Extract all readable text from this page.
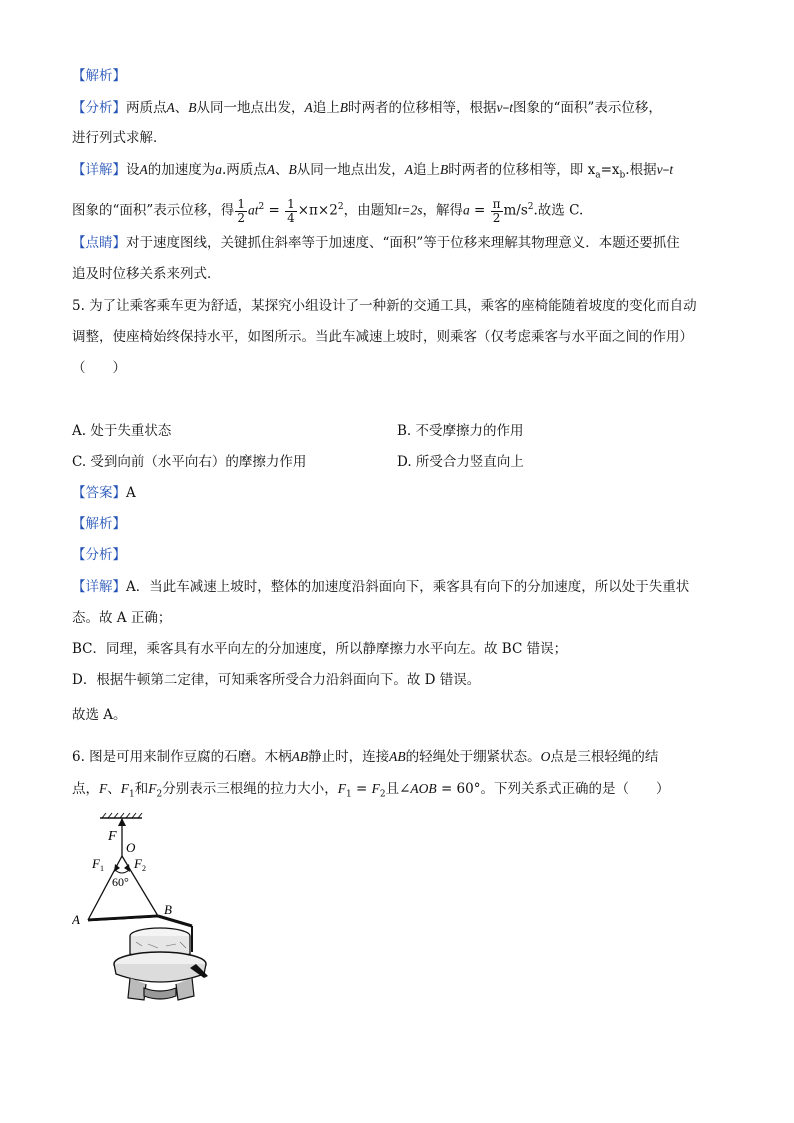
【解析】
【分析】两质点A、B从同一地点出发，A追上B时两者的位移相等，根据v–t图象的“面积”表示位移，
进行列式求解．
【详解】设A的加速度为a.两质点A、B从同一地点出发，A追上B时两者的位移相等，即 $x_a=x_b$.根据v–t
图象的“面积”表示位移，得 $\frac{1}{2} at^2 = \frac{1}{4} \times\pi\times 2^2$，由题知t=2s，解得$a = \frac{\pi}{2} m/s^2$.故选 C.
【点睛】对于速度图线，关键抓住斜率等于加速度、“面积”等于位移来理解其物理意义．本题还要抓住
追及时位移关系来列式．
5. 为了让乘客乘车更为舒适，某探究小组设计了一种新的交通工具，乘客的座椅能随着坡度的变化而自动
调整，使座椅始终保持水平，如图所示。当此车减速上坡时，则乘客（仅考虑乘客与水平面之间的作用）
（　　）
A. 处于失重状态	B. 不受摩擦力的作用
C. 受到向前（水平向右）的摩擦力作用	D. 所受合力竖直向上
【答案】A
【解析】
【分析】
【详解】A．当此车减速上坡时，整体的加速度沿斜面向下，乘客具有向下的分加速度，所以处于失重状
态。故 A 正确；
BC．同理，乘客具有水平向左的分加速度，所以静摩擦力水平向左。故 BC 错误；
D．根据牛顿第二定律，可知乘客所受合力沿斜面向下。故 D 错误。
故选 A。
6. 图是可用来制作豆腐的石磨。木柄AB静止时，连接AB的轻绳处于绷紧状态。O点是三根轻绳的结
点，F、$F_1$和$F_2$分别表示三根绳的拉力大小，$F_1 = F_2$且∠AOB = 60°。下列关系式正确的是（　　）
F
O
F 1 F 2
60°
A
B
